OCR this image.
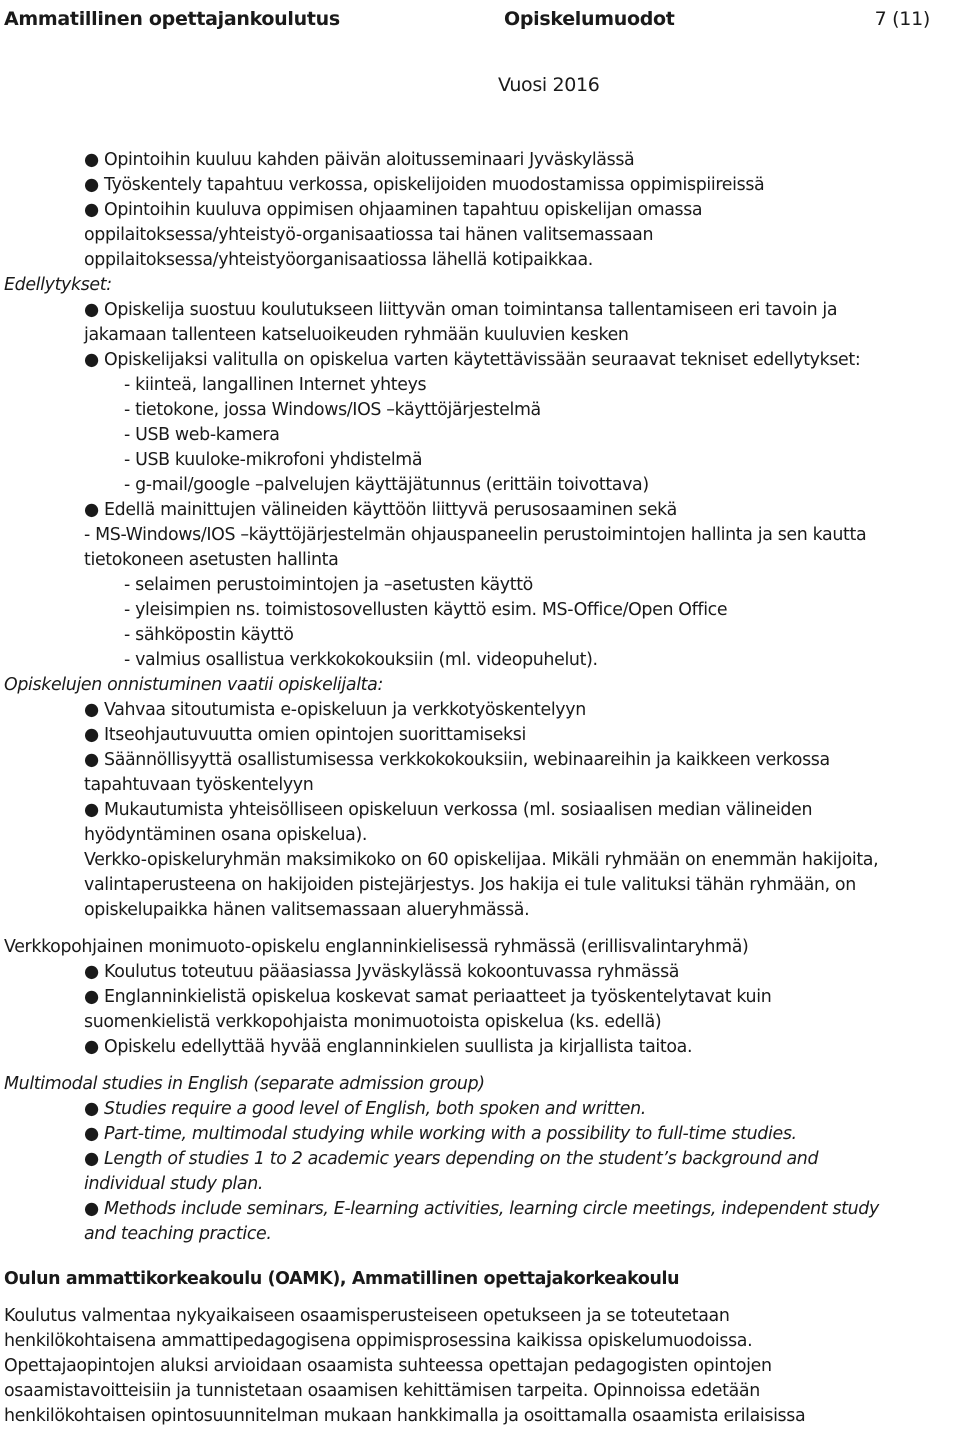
Ammatillinen opettajankoulutus	Opiskelumuodot	7 (11)
Vuosi 2016
● Opintoihin kuuluu kahden päivän aloitusseminaari Jyväskylässä
● Työskentely tapahtuu verkossa, opiskelijoiden muodostamissa oppimispiireissä
● Opintoihin kuuluva oppimisen ohjaaminen tapahtuu opiskelijan omassa
oppilaitoksessa/yhteistyö-organisaatiossa tai hänen valitsemassaan
oppilaitoksessa/yhteistyöorganisaatiossa lähellä kotipaikkaa.
Edellytykset:
● Opiskelija suostuu koulutukseen liittyvän oman toimintansa tallentamiseen eri tavoin ja
jakamaan tallenteen katseluoikeuden ryhmään kuuluvien kesken
● Opiskelijaksi valitulla on opiskelua varten käytettävissään seuraavat tekniset edellytykset:
- kiinteä, langallinen Internet yhteys
- tietokone, jossa Windows/IOS –käyttöjärjestelmä
- USB web-kamera
- USB kuuloke-mikrofoni yhdistelmä
- g-mail/google –palvelujen käyttäjätunnus (erittäin toivottava)
● Edellä mainittujen välineiden käyttöön liittyvä perusosaaminen sekä
- MS-Windows/IOS –käyttöjärjestelmän ohjauspaneelin perustoimintojen hallinta ja sen kautta
tietokoneen asetusten hallinta
- selaimen perustoimintojen ja –asetusten käyttö
- yleisimpien ns. toimistosovellusten käyttö esim. MS-Office/Open Office
- sähköpostin käyttö
- valmius osallistua verkkokokouksiin (ml. videopuhelut).
Opiskelujen onnistuminen vaatii opiskelijalta:
● Vahvaa sitoutumista e-opiskeluun ja verkkotyöskentelyyn
● Itseohjautuvuutta omien opintojen suorittamiseksi
● Säännöllisyyttä osallistumisessa verkkokokouksiin, webinaareihin ja kaikkeen verkossa
tapahtuvaan työskentelyyn
● Mukautumista yhteisölliseen opiskeluun verkossa (ml. sosiaalisen median välineiden
hyödyntäminen osana opiskelua).
Verkko-opiskeluryhmän maksimikoko on 60 opiskelijaa. Mikäli ryhmään on enemmän hakijoita,
valintaperusteena on hakijoiden pistejärjestys. Jos hakija ei tule valituksi tähän ryhmään, on
opiskelupaikka hänen valitsemassaan alueryhmässä.
Verkkopohjainen monimuoto-opiskelu englanninkielisessä ryhmässä (erillisvalintaryhmä)
● Koulutus toteutuu pääasiassa Jyväskylässä kokoontuvassa ryhmässä
● Englanninkielistä opiskelua koskevat samat periaatteet ja työskentelytavat kuin
suomenkielistä verkkopohjaista monimuotoista opiskelua (ks. edellä)
● Opiskelu edellyttää hyvää englanninkielen suullista ja kirjallista taitoa.
Multimodal studies in English (separate admission group)
● Studies require a good level of English, both spoken and written.
● Part-time, multimodal studying while working with a possibility to full-time studies.
● Length of studies 1 to 2 academic years depending on the student’s background and
individual study plan.
● Methods include seminars, E-learning activities, learning circle meetings, independent study
and teaching practice.
Oulun ammattikorkeakoulu (OAMK), Ammatillinen opettajakorkeakoulu
Koulutus valmentaa nykyaikaiseen osaamisperusteiseen opetukseen ja se toteutetaan
henkilökohtaisena ammattipedagogisena oppimisprosessina kaikissa opiskelumuodoissa.
Opettajaopintojen aluksi arvioidaan osaamista suhteessa opettajan pedagogisten opintojen
osaamistavoitteisiin ja tunnistetaan osaamisen kehittämisen tarpeita. Opinnoissa edetään
henkilökohtaisen opintosuunnitelman mukaan hankkimalla ja osoittamalla osaamista erilaisissa
